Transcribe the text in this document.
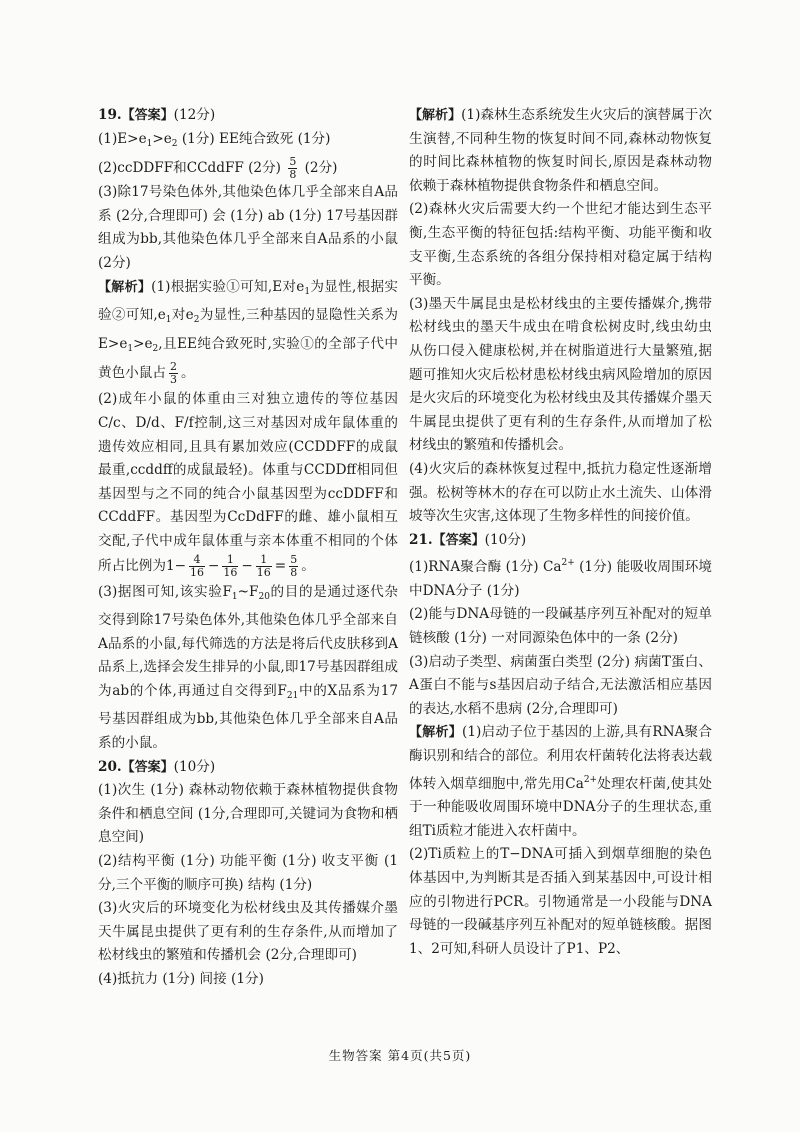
19.【答案】(12分)

$(1)E>e_1>e_2$ (1分) EE纯合致死 (1分)

(2)ccDDFF和CCddFF (2分) $\frac{5}{8} (2$分)

(3)除17号染色体外,其他染色体几乎全部来自A品系 (2分,合理即可) 会 (1分) ab (1分) 17号基因群组成为bb,其他染色体几乎全部来自A品系的小鼠 (2分)

【解析】(1)根据实验①可知,E对$e_1$为显性,根据实验②可知$,e_1$对$e_2$为显性,三种基因的显隐性关系为$E>e_1>e_2$,且EE纯合致死时,实验①的全部子代中黄色小鼠占 $\frac{2}{3}$ 。

(2)成年小鼠的体重由三对独立遗传的等位基因C/c、D/d、F/f控制,这三对基因对成年鼠体重的遗传效应相同,且具有累加效应(CCDDFF的成鼠最重,ccddff的成鼠最轻)。体重与CCDDff相同但基因型与之不同的纯合小鼠基因型为ccDDFF和CCddFF。基因型为CcDdFF的雌、雄小鼠相互交配,子代中成年鼠体重与亲本体重不相同的个体所占比例为$1- \frac{4}{16} - \frac{1}{16} - \frac{1}{16} = \frac{5}{8}$ 。

(3)据图可知,该实验$F_1\sim F_{20}$的目的是通过逐代杂交得到除17号染色体外,其他染色体几乎全部来自A品系的小鼠,每代筛选的方法是将后代皮肤移到A品系上,选择会发生排异的小鼠,即17号基因群组成为ab的个体,再通过自交得到$F_{21}$中的X品系为17号基因群组成为bb,其他染色体几乎全部来自A品系的小鼠。

20.【答案】(10分)

(1)次生 (1分) 森林动物依赖于森林植物提供食物条件和栖息空间 (1分,合理即可,关键词为食物和栖息空间)

(2)结构平衡 (1分) 功能平衡 (1分) 收支平衡 (1分,三个平衡的顺序可换) 结构 (1分)

(3)火灾后的环境变化为松材线虫及其传播媒介墨天牛属昆虫提供了更有利的生存条件,从而增加了松材线虫的繁殖和传播机会 (2分,合理即可)

(4)抵抗力 (1分) 间接 (1分)

【解析】(1)森林生态系统发生火灾后的演替属于次生演替,不同种生物的恢复时间不同,森林动物恢复的时间比森林植物的恢复时间长,原因是森林动物依赖于森林植物提供食物条件和栖息空间。

(2)森林火灾后需要大约一个世纪才能达到生态平衡,生态平衡的特征包括:结构平衡、功能平衡和收支平衡,生态系统的各组分保持相对稳定属于结构平衡。

(3)墨天牛属昆虫是松材线虫的主要传播媒介,携带松材线虫的墨天牛成虫在啃食松树皮时,线虫幼虫从伤口侵入健康松树,并在树脂道进行大量繁殖,据题可推知火灾后松材患松材线虫病风险增加的原因是火灾后的环境变化为松材线虫及其传播媒介墨天牛属昆虫提供了更有利的生存条件,从而增加了松材线虫的繁殖和传播机会。

(4)火灾后的森林恢复过程中,抵抗力稳定性逐渐增强。松树等林木的存在可以防止水土流失、山体滑坡等次生灾害,这体现了生物多样性的间接价值。

21.【答案】(10分)

(1)RNA聚合酶 (1分) $Ca^{2+}$ (1分) 能吸收周围环境中DNA分子 (1分)

(2)能与DNA母链的一段碱基序列互补配对的短单链核酸 (1分) 一对同源染色体中的一条 (2分)

(3)启动子类型、病菌蛋白类型 (2分) 病菌T蛋白、A蛋白不能与s基因启动子结合,无法激活相应基因的表达,水稻不患病 (2分,合理即可)

【解析】(1)启动子位于基因的上游,具有RNA聚合酶识别和结合的部位。利用农杆菌转化法将表达载体转入烟草细胞中,常先用$Ca^{2+}$处理农杆菌,使其处于一种能吸收周围环境中DNA分子的生理状态,重组Ti质粒才能进入农杆菌中。

(2)Ti质粒上的T−DNA可插入到烟草细胞的染色体基因中,为判断其是否插入到某基因中,可设计相应的引物进行PCR。引物通常是一小段能与DNA母链的一段碱基序列互补配对的短单链核酸。据图1、2可知,科研人员设计了P1、P2、

生物答案 第4页(共5页)
